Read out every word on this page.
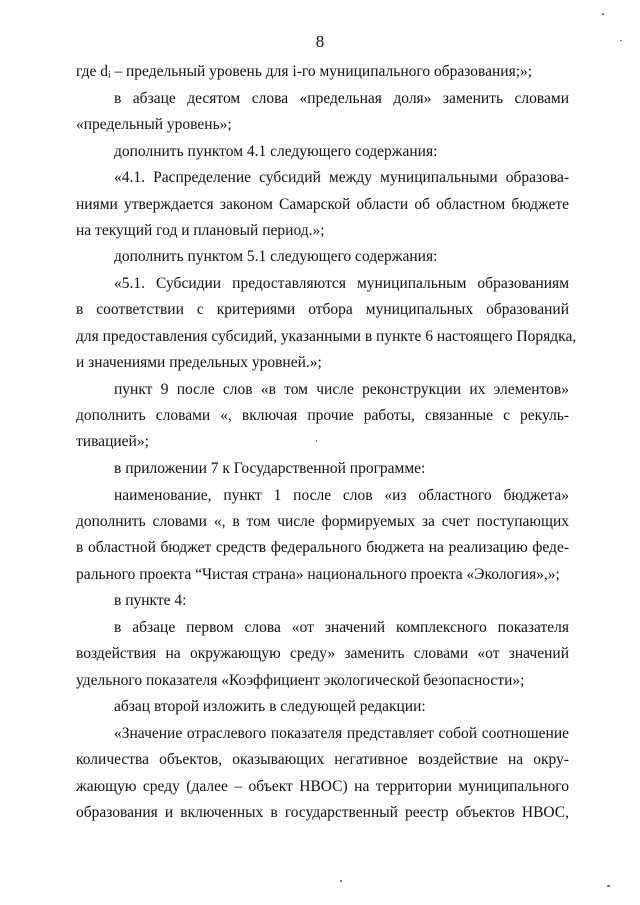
8
где dᵢ – предельный уровень для i-го муниципального образования;»;
в абзаце десятом слова «предельная доля» заменить словами
«предельный уровень»;
дополнить пунктом 4.1 следующего содержания:
«4.1. Распределение субсидий между муниципальными образова-
ниями утверждается законом Самарской области об областном бюджете
на текущий год и плановый период.»;
дополнить пунктом 5.1 следующего содержания:
«5.1. Субсидии предоставляются муниципальным образованиям
в соответствии с критериями отбора муниципальных образований
для предоставления субсидий, указанными в пункте 6 настоящего Порядка,
и значениями предельных уровней.»;
пункт 9 после слов «в том числе реконструкции их элементов»
дополнить словами «, включая прочие работы, связанные с рекуль-
тивацией»;
в приложении 7 к Государственной программе:
наименование, пункт 1 после слов «из областного бюджета»
дополнить словами «, в том числе формируемых за счет поступающих
в областной бюджет средств федерального бюджета на реализацию феде-
рального проекта “Чистая страна» национального проекта «Экология»,»;
в пункте 4:
в абзаце первом слова «от значений комплексного показателя
воздействия на окружающую среду» заменить словами «от значений
удельного показателя «Коэффициент экологической безопасности»;
абзац второй изложить в следующей редакции:
«Значение отраслевого показателя представляет собой соотношение
количества объектов, оказывающих негативное воздействие на окру-
жающую среду (далее – объект НВОС) на территории муниципального
образования и включенных в государственный реестр объектов НВОС,
